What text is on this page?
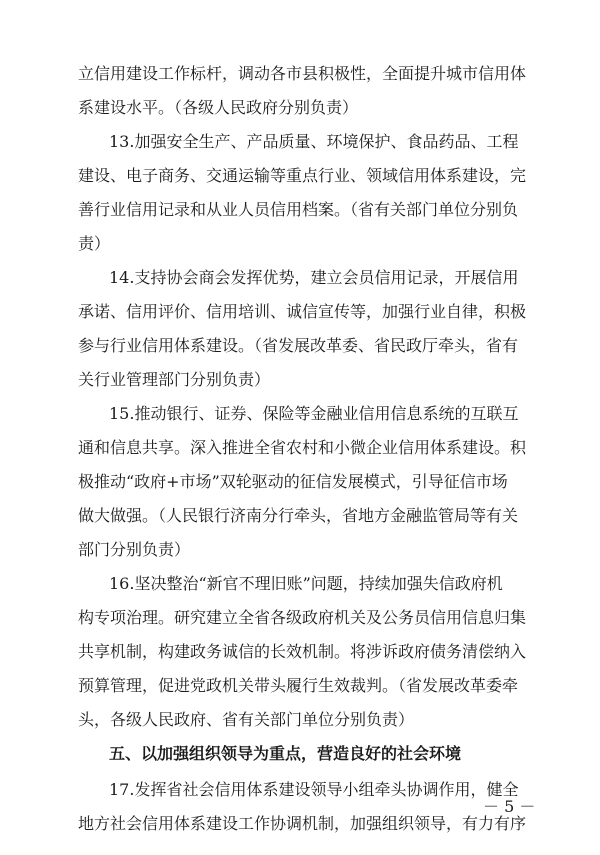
立信用建设工作标杆，调动各市县积极性，全面提升城市信用体
系建设水平。（各级人民政府分别负责）
13.加强安全生产、产品质量、环境保护、食品药品、工程
建设、电子商务、交通运输等重点行业、领域信用体系建设，完
善行业信用记录和从业人员信用档案。（省有关部门单位分别负
责）
14.支持协会商会发挥优势，建立会员信用记录，开展信用
承诺、信用评价、信用培训、诚信宣传等，加强行业自律，积极
参与行业信用体系建设。（省发展改革委、省民政厅牵头，省有
关行业管理部门分别负责）
15.推动银行、证券、保险等金融业信用信息系统的互联互
通和信息共享。深入推进全省农村和小微企业信用体系建设。积
极推动“政府+市场”双轮驱动的征信发展模式，引导征信市场
做大做强。（人民银行济南分行牵头，省地方金融监管局等有关
部门分别负责）
16.坚决整治“新官不理旧账”问题，持续加强失信政府机
构专项治理。研究建立全省各级政府机关及公务员信用信息归集
共享机制，构建政务诚信的长效机制。将涉诉政府债务清偿纳入
预算管理，促进党政机关带头履行生效裁判。（省发展改革委牵
头，各级人民政府、省有关部门单位分别负责）
五、以加强组织领导为重点，营造良好的社会环境
17.发挥省社会信用体系建设领导小组牵头协调作用，健全
地方社会信用体系建设工作协调机制，加强组织领导，有力有序
－ 5 －
